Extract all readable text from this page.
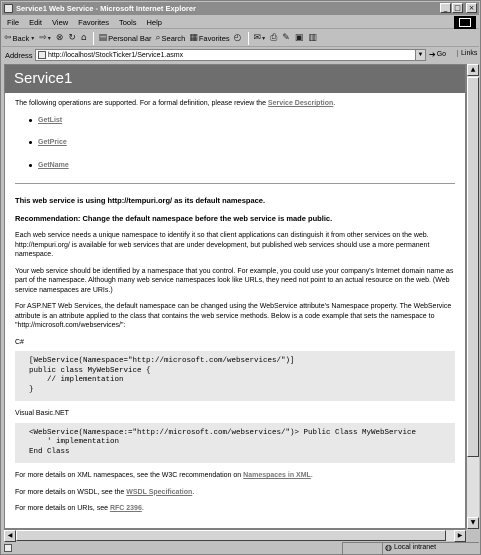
Service1 Web Service - Microsoft Internet Explorer	_ □	×
File	Edit	View	Favorites	Tools	Help
⇦ Back ▾ ⇨ ▾ ⊗ ↻ ⌂ ▤ Personal Bar ⌕ Search ▦ Favorites ◴ ✉ ▾ ⎙ ✎ ▣ ▥
Address http://localhost/StockTicker1/Service1.asmx	▼ ➔ Go	Links
Service1

The following operations are supported. For a formal definition, please review the Service Description.

GetList
GetPrice
GetName
This web service is using http://tempuri.org/ as its default namespace.
Recommendation: Change the default namespace before the web service is made public.

Each web service needs a unique namespace to identify it so that client applications can distinguish it from other services on the web. http://tempuri.org/ is available for web services that are under development, but published web services should use a more permanent namespace.

Your web service should be identified by a namespace that you control. For example, you could use your company's Internet domain name as part of the namespace. Although many web service namespaces look like URLs, they need not point to an actual resource on the web. (Web service namespaces are URIs.)

For ASP.NET Web Services, the default namespace can be changed using the WebService attribute's Namespace property. The WebService attribute is an attribute applied to the class that contains the web service methods. Below is a code example that sets the namespace to "http://microsoft.com/webservices/":

C#
[WebService(Namespace="http://microsoft.com/webservices/")]
public class MyWebService {
// implementation
}
Visual Basic.NET
<WebService(Namespace:="http://microsoft.com/webservices/")> Public Class MyWebService
' implementation
End Class

For more details on XML namespaces, see the W3C recommendation on Namespaces in XML.

For more details on WSDL, see the WSDL Specification.

For more details on URIs, see RFC 2396.

▲
▼
◀	▶
◍ Local intranet
